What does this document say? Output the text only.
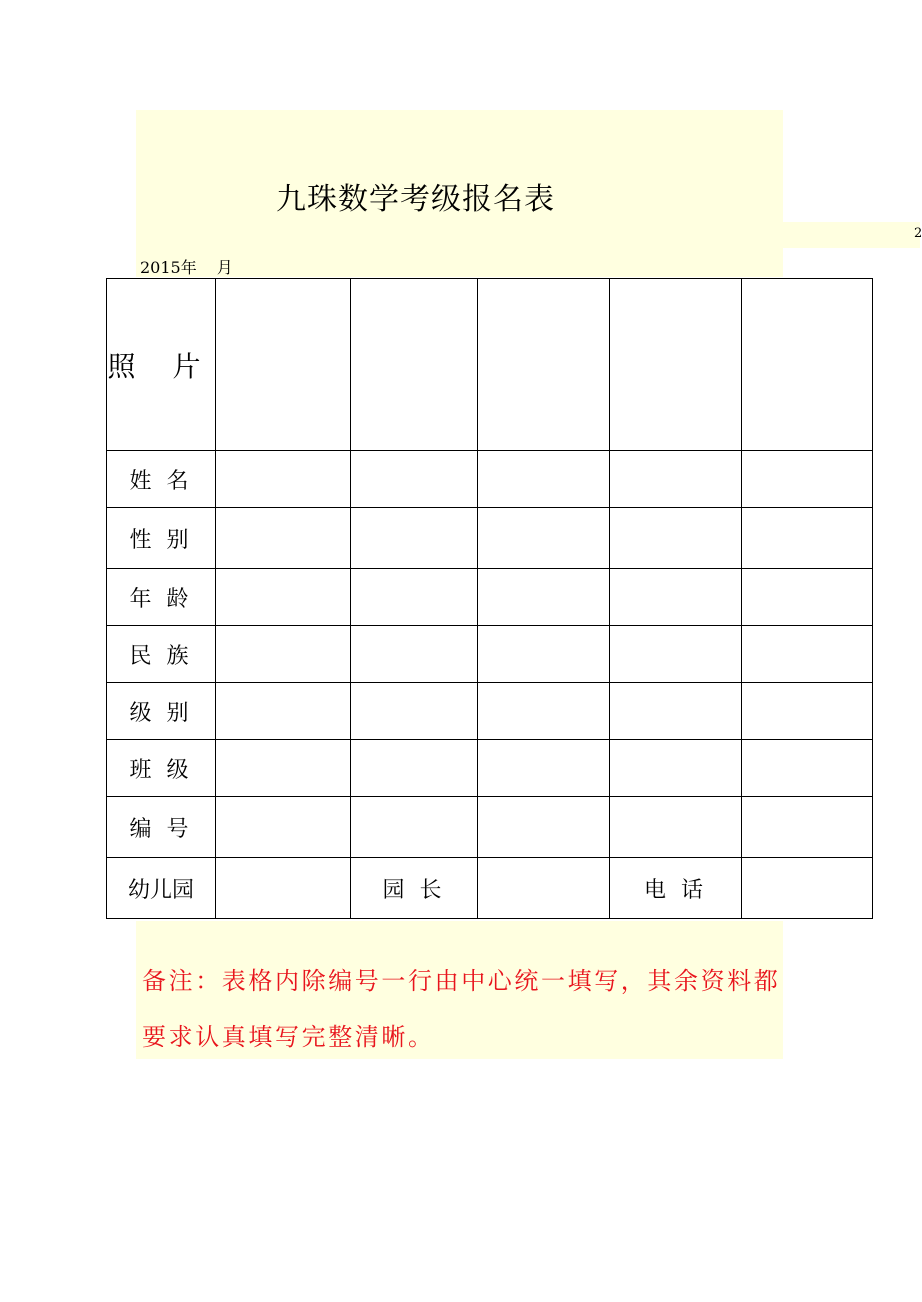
2
九珠数学考级报名表
2015年 月
照 片					
姓 名					
性 别					
年 龄					
民 族					
级 别					
班 级					
编 号					
幼儿园		园 长		电 话	
备注：表格内除编号一行由中心统一填写，其余资料都要求认真填写完整清晰。
